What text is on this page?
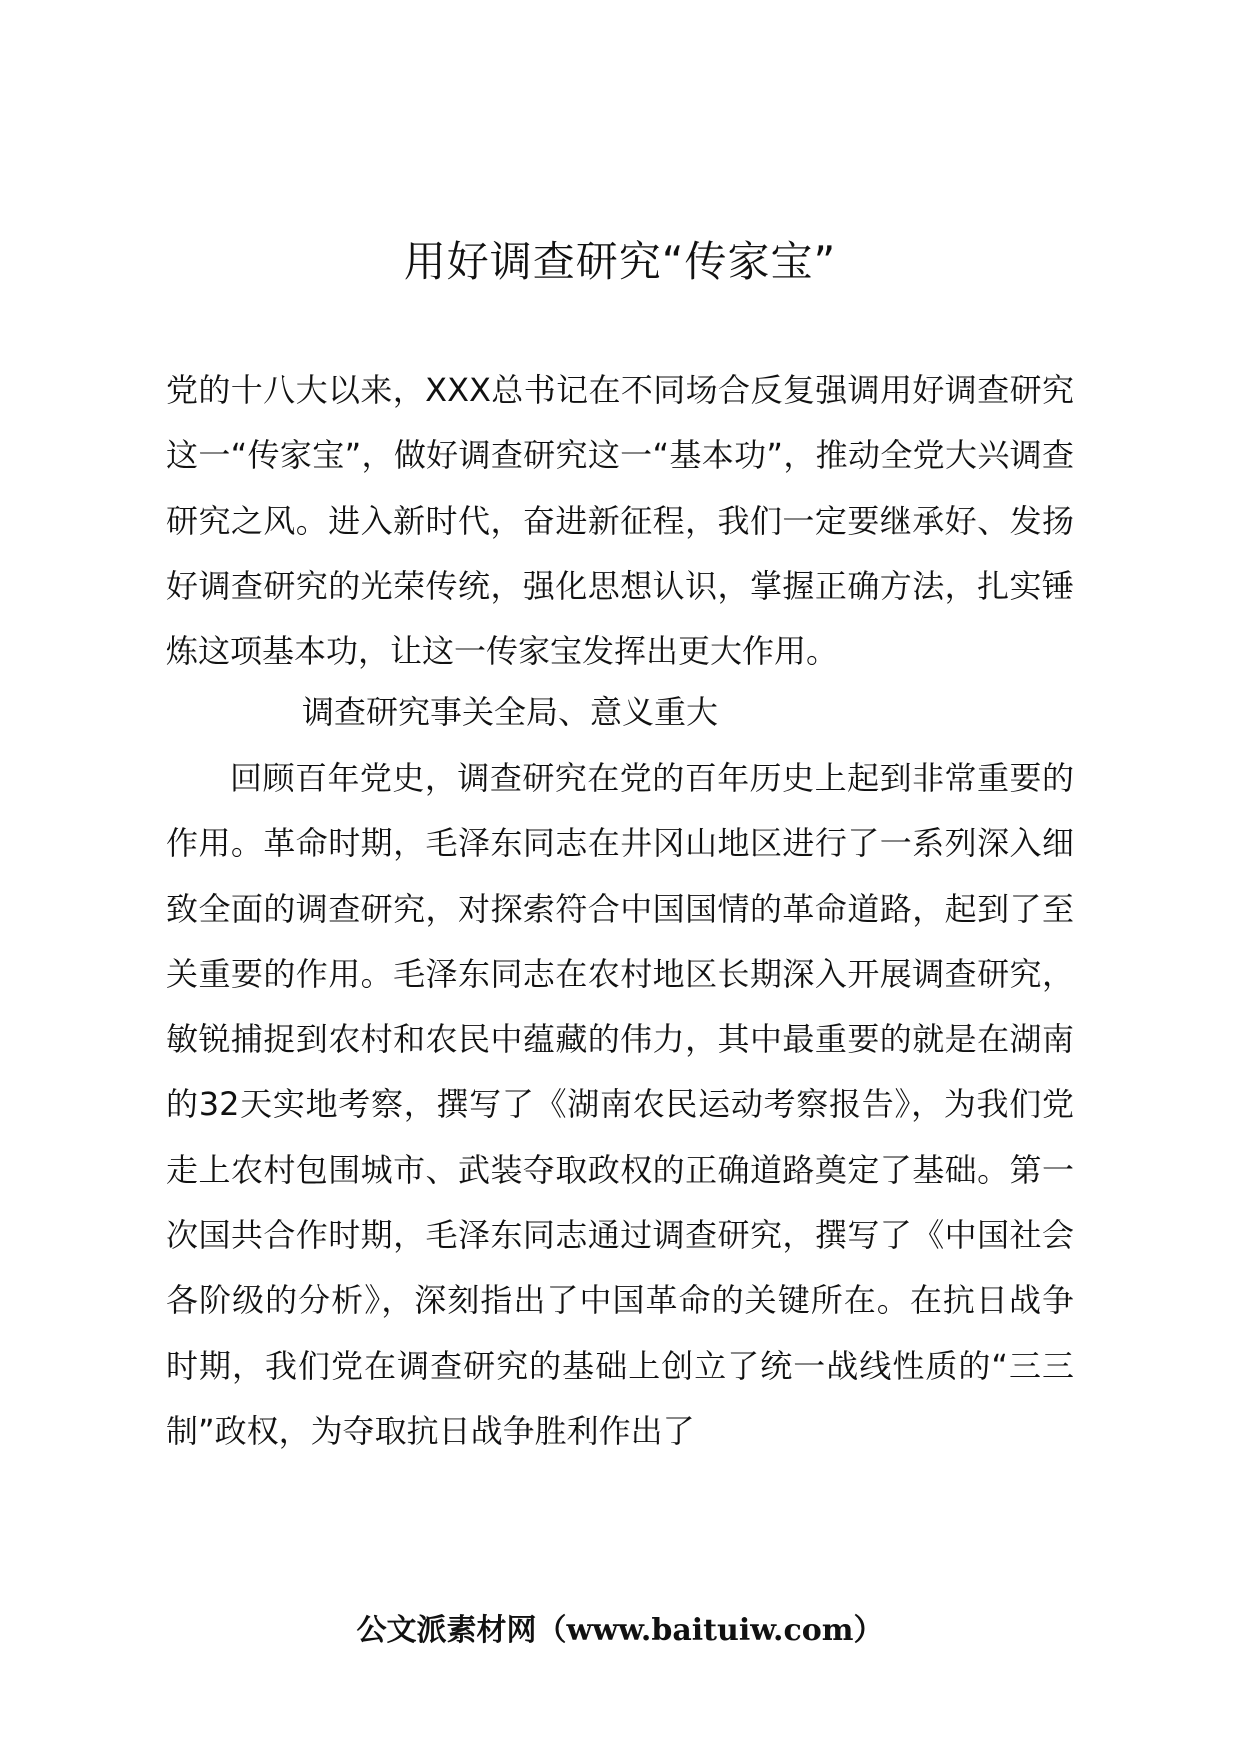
用好调查研究“传家宝”
党的十八大以来，XXX总书记在不同场合反复强调用好调查研究这一“传家宝”，做好调查研究这一“基本功”，推动全党大兴调查研究之风。进入新时代，奋进新征程，我们一定要继承好、发扬好调查研究的光荣传统，强化思想认识，掌握正确方法，扎实锤炼这项基本功，让这一传家宝发挥出更大作用。
调查研究事关全局、意义重大
回顾百年党史，调查研究在党的百年历史上起到非常重要的作用。革命时期，毛泽东同志在井冈山地区进行了一系列深入细致全面的调查研究，对探索符合中国国情的革命道路，起到了至关重要的作用。毛泽东同志在农村地区长期深入开展调查研究，敏锐捕捉到农村和农民中蕴藏的伟力，其中最重要的就是在湖南的32天实地考察，撰写了《湖南农民运动考察报告》，为我们党走上农村包围城市、武装夺取政权的正确道路奠定了基础。第一次国共合作时期，毛泽东同志通过调查研究，撰写了《中国社会各阶级的分析》，深刻指出了中国革命的关键所在。在抗日战争时期，我们党在调查研究的基础上创立了统一战线性质的“三三制”政权，为夺取抗日战争胜利作出了
公文派素材网（www.baituiw.com）
